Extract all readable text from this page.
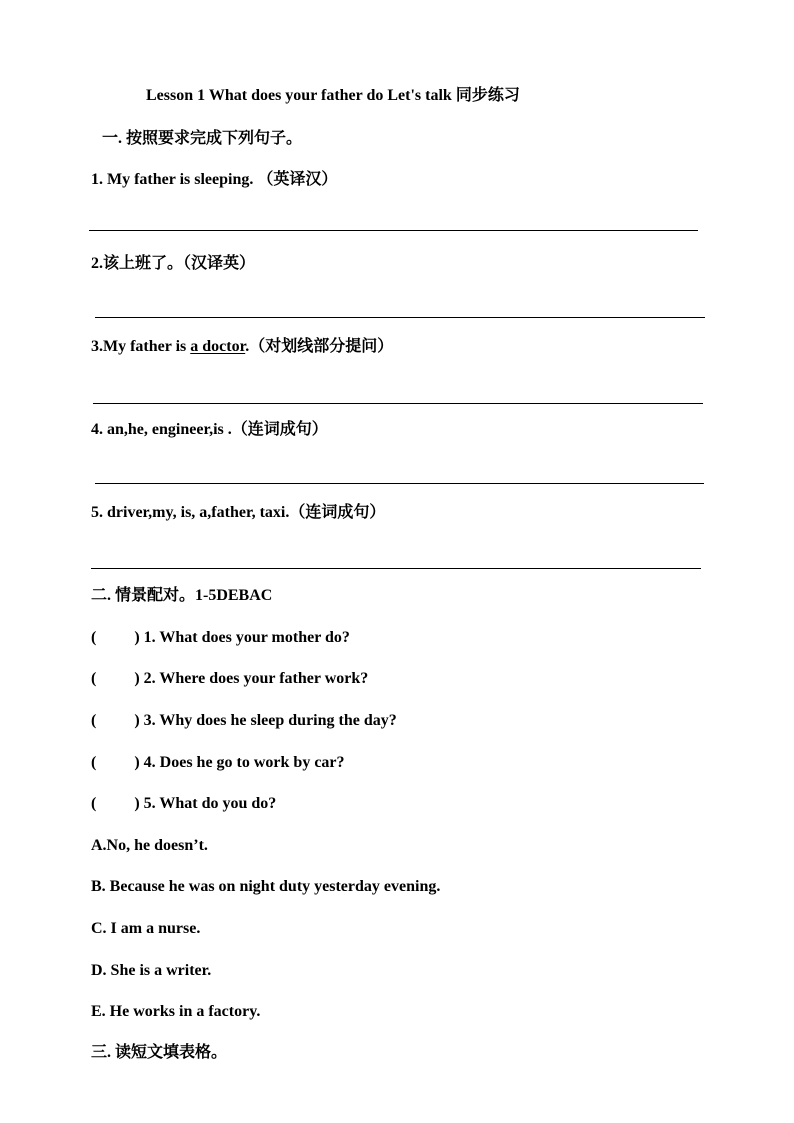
Lesson 1 What does your father do Let's talk 同步练习
一. 按照要求完成下列句子。
1. My father is sleeping. （英译汉）
2.该上班了。（汉译英）
3.My father is a doctor.（对划线部分提问）
4. an,he, engineer,is .（连词成句）
5. driver,my, is, a,father, taxi.（连词成句）
二. 情景配对。1-5DEBAC
( ) 1. What does your mother do?
( ) 2. Where does your father work?
( ) 3. Why does he sleep during the day?
( ) 4. Does he go to work by car?
( ) 5. What do you do?
A.No, he doesn’t.
B. Because he was on night duty yesterday evening.
C. I am a nurse.
D. She is a writer.
E. He works in a factory.
三. 读短文填表格。
